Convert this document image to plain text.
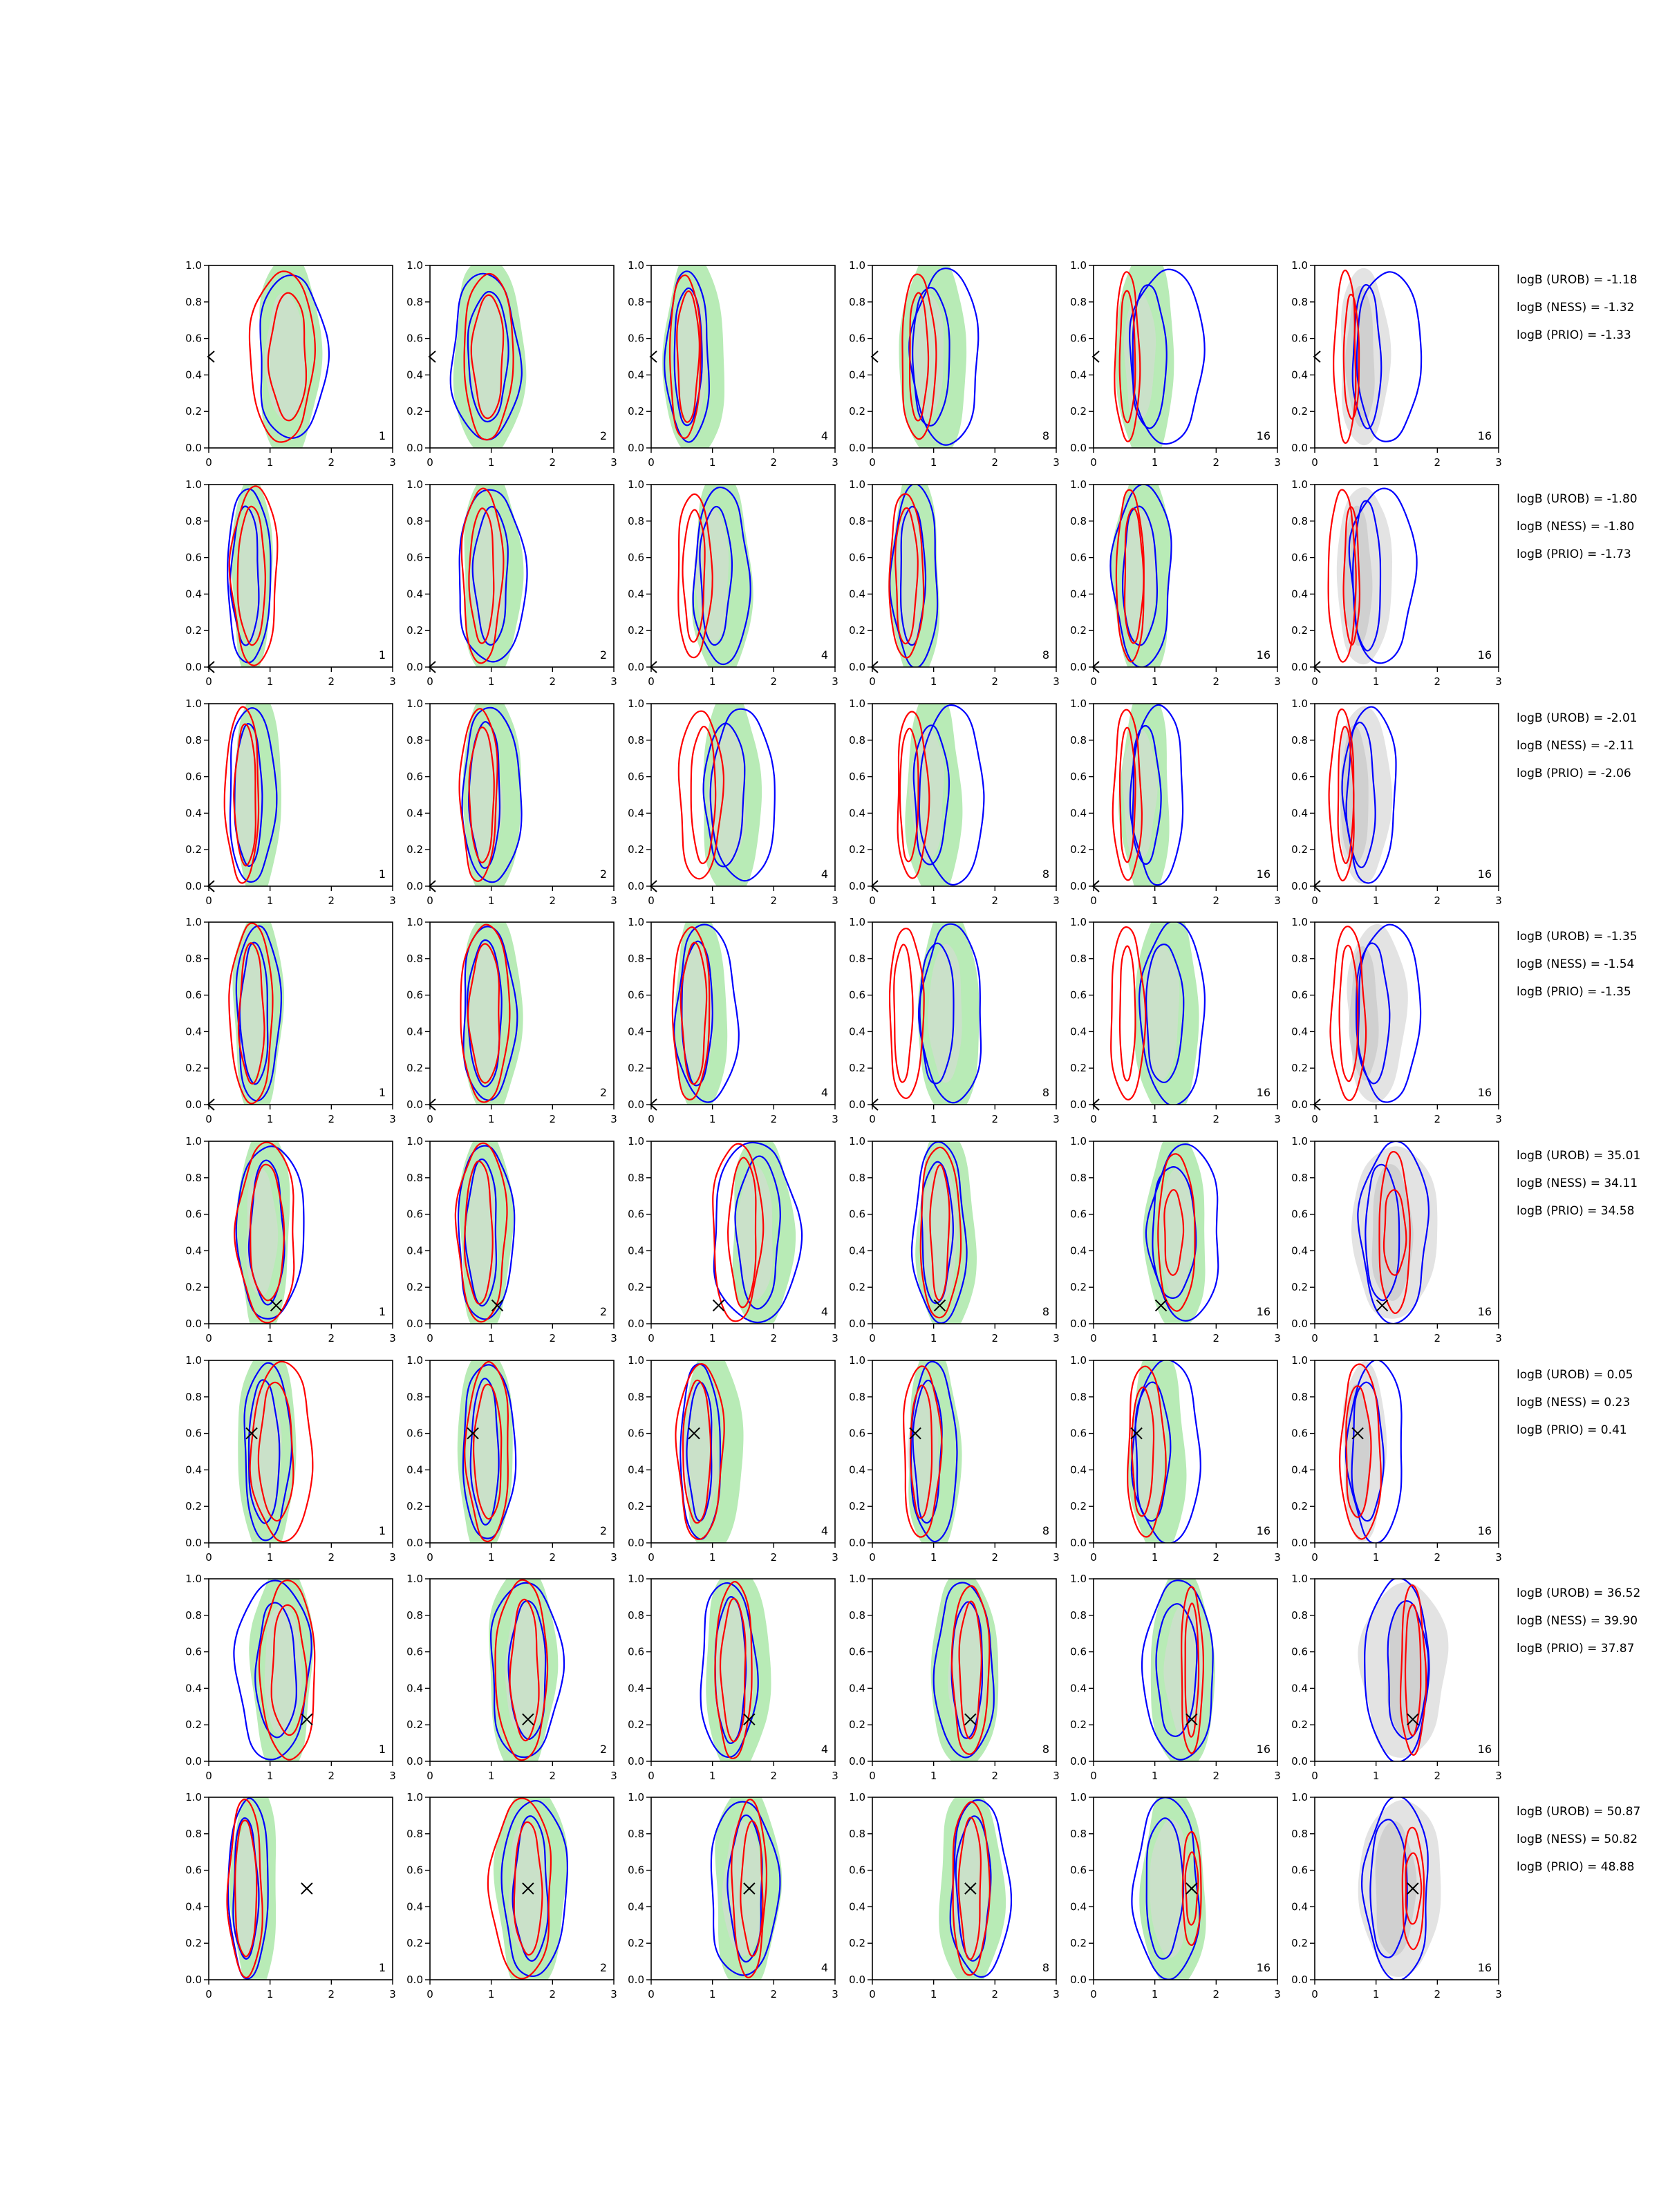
0	1	2	3
0.0
0.2
0.4
0.6
0.8
1.0
1
0	1	2	3
0.0
0.2
0.4
0.6
0.8
1.0
2
0	1	2	3
0.0
0.2
0.4
0.6
0.8
1.0
4
0	1	2	3
0.0
0.2
0.4
0.6
0.8
1.0
8
0	1	2	3
0.0
0.2
0.4
0.6
0.8
1.0
16
0	1	2	3
0.0
0.2
0.4
0.6
0.8
1.0
16
logB (UROB) = -1.18
logB (NESS) = -1.32
logB (PRIO) = -1.33
0	1	2	3
0.0
0.2
0.4
0.6
0.8
1.0
1
0	1	2	3
0.0
0.2
0.4
0.6
0.8
1.0
2
0	1	2	3
0.0
0.2
0.4
0.6
0.8
1.0
4
0	1	2	3
0.0
0.2
0.4
0.6
0.8
1.0
8
0	1	2	3
0.0
0.2
0.4
0.6
0.8
1.0
16
0	1	2	3
0.0
0.2
0.4
0.6
0.8
1.0
16
logB (UROB) = -1.80
logB (NESS) = -1.80
logB (PRIO) = -1.73
0	1	2	3
0.0
0.2
0.4
0.6
0.8
1.0
1
0	1	2	3
0.0
0.2
0.4
0.6
0.8
1.0
2
0	1	2	3
0.0
0.2
0.4
0.6
0.8
1.0
4
0	1	2	3
0.0
0.2
0.4
0.6
0.8
1.0
8
0	1	2	3
0.0
0.2
0.4
0.6
0.8
1.0
16
0	1	2	3
0.0
0.2
0.4
0.6
0.8
1.0
16
logB (UROB) = -2.01
logB (NESS) = -2.11
logB (PRIO) = -2.06
0	1	2	3
0.0
0.2
0.4
0.6
0.8
1.0
1
0	1	2	3
0.0
0.2
0.4
0.6
0.8
1.0
2
0	1	2	3
0.0
0.2
0.4
0.6
0.8
1.0
4
0	1	2	3
0.0
0.2
0.4
0.6
0.8
1.0
8
0	1	2	3
0.0
0.2
0.4
0.6
0.8
1.0
16
0	1	2	3
0.0
0.2
0.4
0.6
0.8
1.0
16
logB (UROB) = -1.35
logB (NESS) = -1.54
logB (PRIO) = -1.35
0	1	2	3
0.0
0.2
0.4
0.6
0.8
1.0
1
0	1	2	3
0.0
0.2
0.4
0.6
0.8
1.0
2
0	1	2	3
0.0
0.2
0.4
0.6
0.8
1.0
4
0	1	2	3
0.0
0.2
0.4
0.6
0.8
1.0
8
0	1	2	3
0.0
0.2
0.4
0.6
0.8
1.0
16
0	1	2	3
0.0
0.2
0.4
0.6
0.8
1.0
16
logB (UROB) = 35.01
logB (NESS) = 34.11
logB (PRIO) = 34.58
0	1	2	3
0.0
0.2
0.4
0.6
0.8
1.0
1
0	1	2	3
0.0
0.2
0.4
0.6
0.8
1.0
2
0	1	2	3
0.0
0.2
0.4
0.6
0.8
1.0
4
0	1	2	3
0.0
0.2
0.4
0.6
0.8
1.0
8
0	1	2	3
0.0
0.2
0.4
0.6
0.8
1.0
16
0	1	2	3
0.0
0.2
0.4
0.6
0.8
1.0
16
logB (UROB) = 0.05
logB (NESS) = 0.23
logB (PRIO) = 0.41
0	1	2	3
0.0
0.2
0.4
0.6
0.8
1.0
1
0	1	2	3
0.0
0.2
0.4
0.6
0.8
1.0
2
0	1	2	3
0.0
0.2
0.4
0.6
0.8
1.0
4
0	1	2	3
0.0
0.2
0.4
0.6
0.8
1.0
8
0	1	2	3
0.0
0.2
0.4
0.6
0.8
1.0
16
0	1	2	3
0.0
0.2
0.4
0.6
0.8
1.0
16
logB (UROB) = 36.52
logB (NESS) = 39.90
logB (PRIO) = 37.87
0	1	2	3
0.0
0.2
0.4
0.6
0.8
1.0
1
0	1	2	3
0.0
0.2
0.4
0.6
0.8
1.0
2
0	1	2	3
0.0
0.2
0.4
0.6
0.8
1.0
4
0	1	2	3
0.0
0.2
0.4
0.6
0.8
1.0
8
0	1	2	3
0.0
0.2
0.4
0.6
0.8
1.0
16
0	1	2	3
0.0
0.2
0.4
0.6
0.8
1.0
16
logB (UROB) = 50.87
logB (NESS) = 50.82
logB (PRIO) = 48.88
